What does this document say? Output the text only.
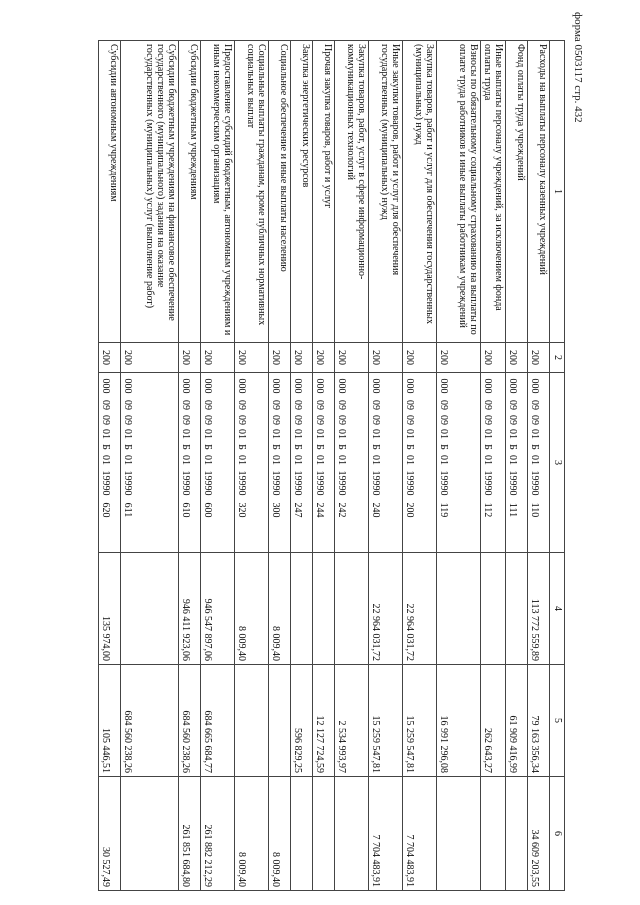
форма 0503117 стр. 432
1	2	3	4	5	6
Расходы на выплаты персоналу казенных учреждений	200	000090901Б0119990110	113 772 559,89	79 163 356,34	34 609 203,55
Фонд оплаты труда учреждений	200	000090901Б0119990111		61 909 416,99	
Иные выплаты персоналу учреждений, за исключением фонда оплаты труда	200	000090901Б0119990112		262 643,27	
Взносы по обязательному социальному страхованию на выплаты по оплате труда работников и иные выплаты работникам учреждений	200	000090901Б0119990119		16 991 296,08	
Закупка товаров, работ и услуг для обеспечения государственных (муниципальных) нужд	200	000090901Б0119990200	22 964 031,72	15 259 547,81	7 704 483,91
Иные закупки товаров, работ и услуг для обеспечения государственных (муниципальных) нужд	200	000090901Б0119990240	22 964 031,72	15 259 547,81	7 704 483,91
Закупка товаров, работ, услуг в сфере информационно-коммуникационных технологий	200	000090901Б0119990242		2 534 993,97	
Прочая закупка товаров, работ и услуг	200	000090901Б0119990244		12 127 724,59	
Закупка энергетических ресурсов	200	000090901Б0119990247		596 829,25	
Социальное обеспечение и иные выплаты населению	200	000090901Б0119990300	8 009,40		8 009,40
Социальные выплаты гражданам, кроме публичных нормативных социальных выплат	200	000090901Б0119990320	8 009,40		8 009,40
Предоставление субсидий бюджетным, автономным учреждениям и иным некоммерческим организациям	200	000090901Б0119990600	946 547 897,06	684 665 684,77	261 882 212,29
Субсидии бюджетным учреждениям	200	000090901Б0119990610	946 411 923,06	684 560 238,26	261 851 684,80
Субсидии бюджетным учреждениям на финансовое обеспечение государственного (муниципального) задания на оказание государственных (муниципальных) услуг (выполнение работ)	200	000090901Б0119990611		684 560 238,26	
Субсидии автономным учреждениям	200	000090901Б0119990620	135 974,00	105 446,51	30 527,49
